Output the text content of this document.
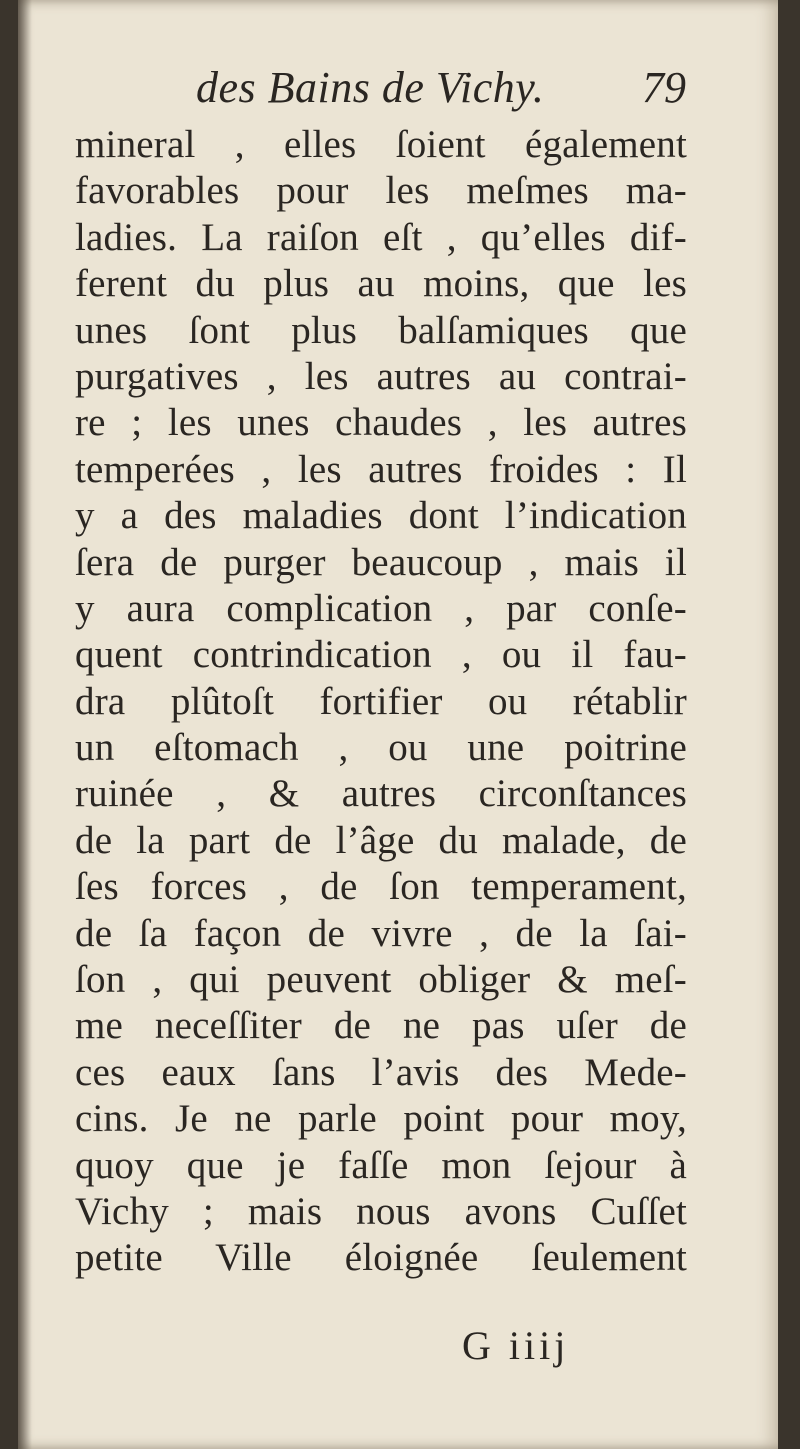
des Bains de Vichy. 79
mineral , elles ſoient également
favorables pour les meſmes ma-
ladies. La raiſon eſt , qu’elles dif-
ferent du plus au moins, que les
unes ſont plus balſamiques que
purgatives , les autres au contrai-
re ; les unes chaudes , les autres
temperées , les autres froides : Il
y a des maladies dont l’indication
ſera de purger beaucoup , mais il
y aura complication , par conſe-
quent contrindication , ou il fau-
dra plûtoſt fortifier ou rétablir
un eſtomach , ou une poitrine
ruinée , & autres circonſtances
de la part de l’âge du malade, de
ſes forces , de ſon temperament,
de ſa façon de vivre , de la ſai-
ſon , qui peuvent obliger & meſ-
me neceſſiter de ne pas uſer de
ces eaux ſans l’avis des Mede-
cins. Je ne parle point pour moy,
quoy que je faſſe mon ſejour à
Vichy ; mais nous avons Cuſſet
petite Ville éloignée ſeulement
G iiij
